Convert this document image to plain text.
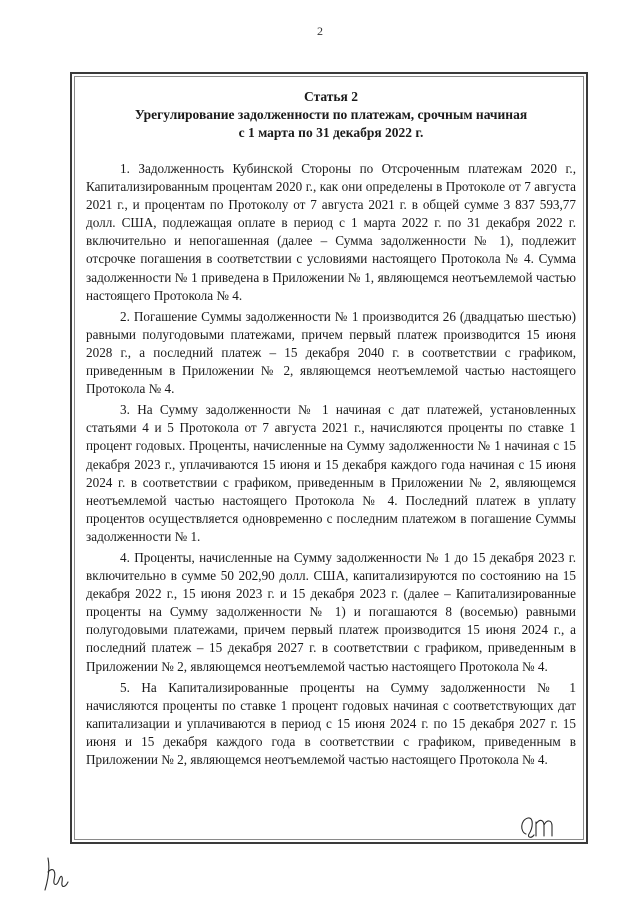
2
Статья 2
Урегулирование задолженности по платежам, срочным начиная
с 1 марта по 31 декабря 2022 г.

1. Задолженность Кубинской Стороны по Отсроченным платежам 2020 г., Капитализированным процентам 2020 г., как они определены в Протоколе от 7 августа 2021 г., и процентам по Протоколу от 7 августа 2021 г. в общей сумме 3 837 593,77 долл. США, подлежащая оплате в период с 1 марта 2022 г. по 31 декабря 2022 г. включительно и непогашенная (далее – Сумма задолженности № 1), подлежит отсрочке погашения в соответствии с условиями настоящего Протокола № 4. Сумма задолженности № 1 приведена в Приложении № 1, являющемся неотъемлемой частью настоящего Протокола № 4.

2. Погашение Суммы задолженности № 1 производится 26 (двадцатью шестью) равными полугодовыми платежами, причем первый платеж производится 15 июня 2028 г., а последний платеж – 15 декабря 2040 г. в соответствии с графиком, приведенным в Приложении № 2, являющемся неотъемлемой частью настоящего Протокола № 4.

3. На Сумму задолженности № 1 начиная с дат платежей, установленных статьями 4 и 5 Протокола от 7 августа 2021 г., начисляются проценты по ставке 1 процент годовых. Проценты, начисленные на Сумму задолженности № 1 начиная с 15 декабря 2023 г., уплачиваются 15 июня и 15 декабря каждого года начиная с 15 июня 2024 г. в соответствии с графиком, приведенным в Приложении № 2, являющемся неотъемлемой частью настоящего Протокола № 4. Последний платеж в уплату процентов осуществляется одновременно с последним платежом в погашение Суммы задолженности № 1.

4. Проценты, начисленные на Сумму задолженности № 1 до 15 декабря 2023 г. включительно в сумме 50 202,90 долл. США, капитализируются по состоянию на 15 декабря 2022 г., 15 июня 2023 г. и 15 декабря 2023 г. (далее – Капитализированные проценты на Сумму задолженности № 1) и погашаются 8 (восемью) равными полугодовыми платежами, причем первый платеж производится 15 июня 2024 г., а последний платеж – 15 декабря 2027 г. в соответствии с графиком, приведенным в Приложении № 2, являющемся неотъемлемой частью настоящего Протокола № 4.

5. На Капитализированные проценты на Сумму задолженности № 1 начисляются проценты по ставке 1 процент годовых начиная с соответствующих дат капитализации и уплачиваются в период с 15 июня 2024 г. по 15 декабря 2027 г. 15 июня и 15 декабря каждого года в соответствии с графиком, приведенным в Приложении № 2, являющемся неотъемлемой частью настоящего Протокола № 4.
